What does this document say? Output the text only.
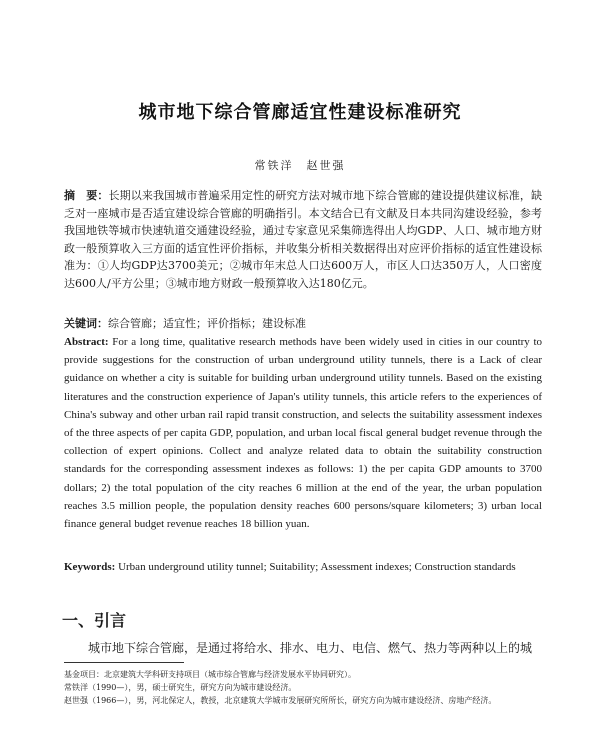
城市地下综合管廊适宜性建设标准研究
常铁洋　赵世强
摘　要：长期以来我国城市普遍采用定性的研究方法对城市地下综合管廊的建设提供建议标准，缺乏对一座城市是否适宜建设综合管廊的明确指引。本文结合已有文献及日本共同沟建设经验，参考我国地铁等城市快速轨道交通建设经验，通过专家意见采集筛选得出人均GDP、人口、城市地方财政一般预算收入三方面的适宜性评价指标，并收集分析相关数据得出对应评价指标的适宜性建设标准为：①人均GDP达3700美元；②城市年末总人口达600万人，市区人口达350万人，人口密度达600人/平方公里；③城市地方财政一般预算收入达180亿元。
关键词：综合管廊；适宜性；评价指标；建设标准
Abstract: For a long time, qualitative research methods have been widely used in cities in our country to provide suggestions for the construction of urban underground utility tunnels, there is a Lack of clear guidance on whether a city is suitable for building urban underground utility tunnels. Based on the existing literatures and the construction experience of Japan's utility tunnels, this article refers to the experiences of China's subway and other urban rail rapid transit construction, and selects the suitability assessment indexes of the three aspects of per capita GDP, population, and urban local fiscal general budget revenue through the collection of expert opinions. Collect and analyze related data to obtain the suitability construction standards for the corresponding assessment indexes as follows: 1) the per capita GDP amounts to 3700 dollars; 2) the total population of the city reaches 6 million at the end of the year, the urban population reaches 3.5 million people, the population density reaches 600 persons/square kilometers; 3) urban local finance general budget revenue reaches 18 billion yuan.
Keywords: Urban underground utility tunnel; Suitability; Assessment indexes; Construction standards
一、引言
城市地下综合管廊，是通过将给水、排水、电力、电信、燃气、热力等两种以上的城
基金项目：北京建筑大学科研支持项目（城市综合管廊与经济发展水平协同研究）。
常铁洋（1990—），男，硕士研究生，研究方向为城市建设经济。
赵世强（1966—），男，河北保定人，教授，北京建筑大学城市发展研究所所长，研究方向为城市建设经济、房地产经济。
